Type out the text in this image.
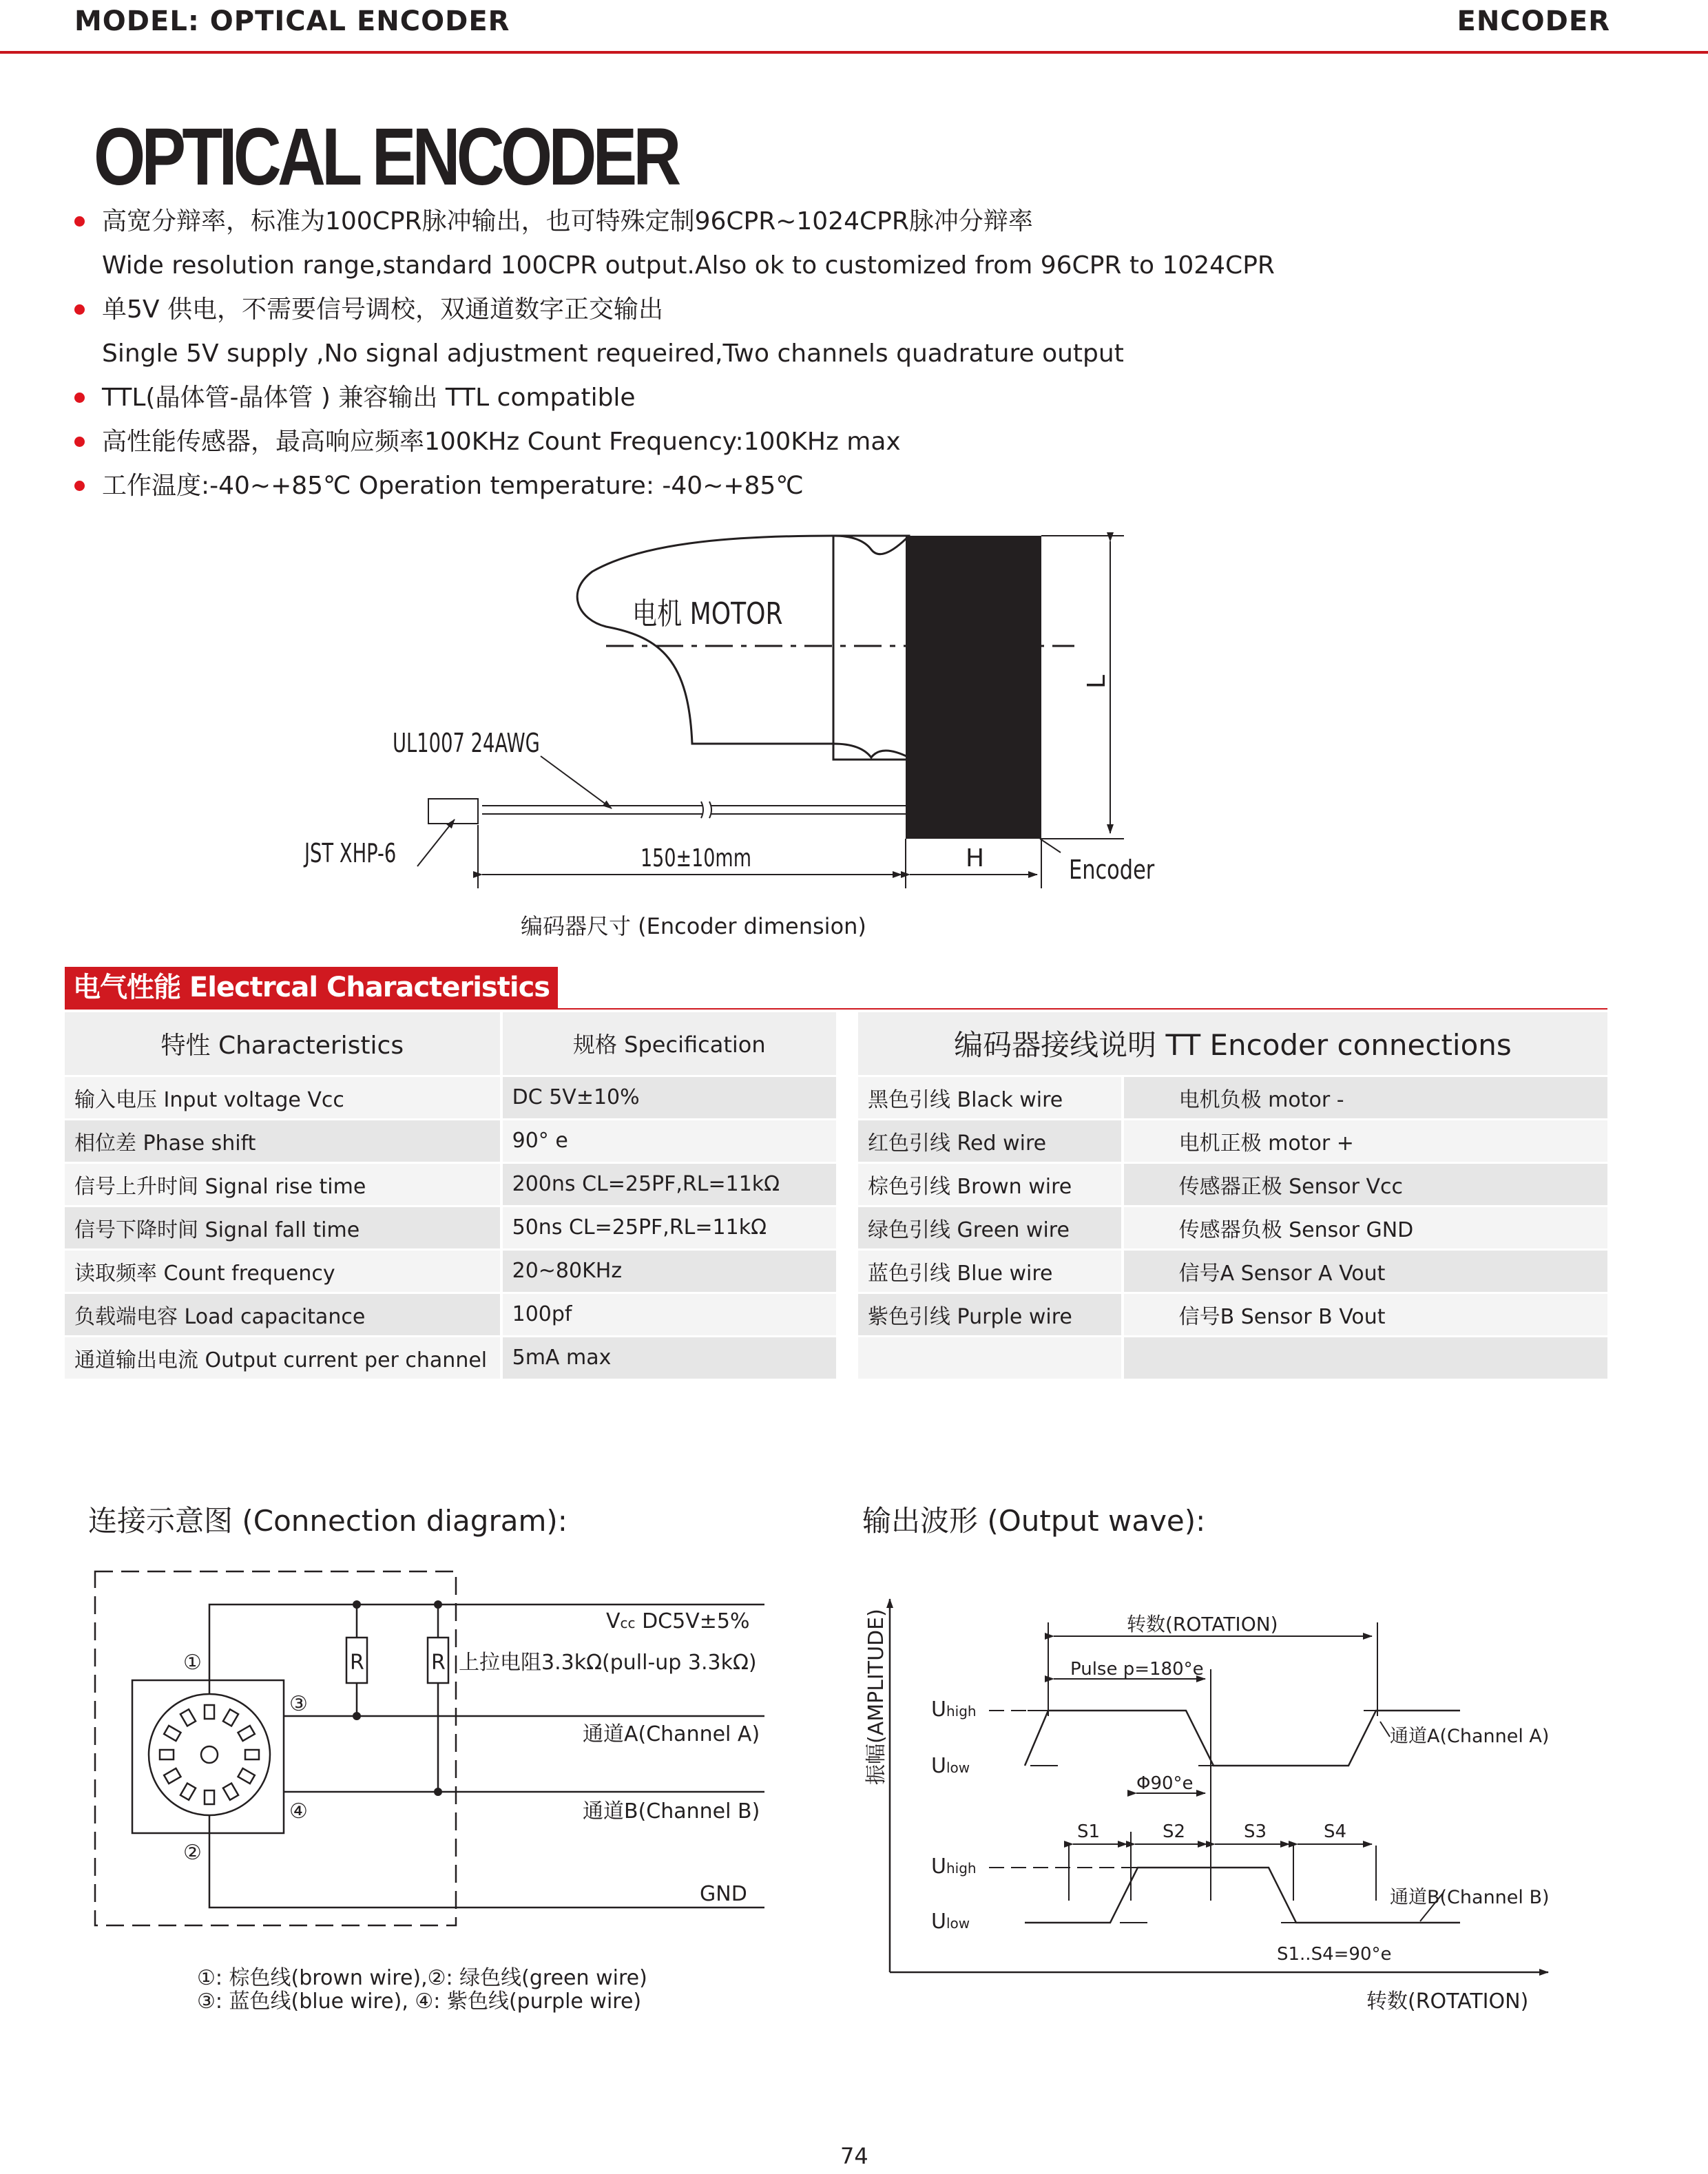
MODEL: OPTICAL ENCODER	ENCODER
OPTICAL ENCODER
高宽分辩率，标准为100CPR脉冲输出，也可特殊定制96CPR~1024CPR脉冲分辩率
Wide resolution range,standard 100CPR output.Also ok to customized from 96CPR to 1024CPR
单5V 供电，不需要信号调校，双通道数字正交输出
Single 5V supply ,No signal adjustment requeired,Two channels quadrature output
TTL(晶体管-晶体管 ) 兼容输出 TTL compatible
高性能传感器，最高响应频率100KHz Count Frequency:100KHz max
工作温度:-40~+85℃ Operation temperature: -40~+85℃
电机 MOTOR
UL1007 24AWG
JST XHP-6	150±10mm	H
L
Encoder
编码器尺寸 (Encoder dimension)
R	R
①
②
③
④
Vcc DC5V±5%
上拉电阻3.3kΩ(pull-up 3.3kΩ)
通道A(Channel A)
通道B(Channel B)
GND
①: 棕色线(brown wire),②: 绿色线(green wire)
③: 蓝色线(blue wire), ④: 紫色线(purple wire)
振幅(AMPLITUDE)
转数(ROTATION)
转数(ROTATION)
Pulse p=180°e
Φ90°e
S1	S2	S3	S4
Uhigh
Ulow
Uhigh
Ulow
通道A(Channel A)
通道B(Channel B)
S1..S4=90°e
电气性能 Electrcal Characteristics
特性 Characteristics	规格 Specification
输入电压 Input voltage Vcc	DC 5V±10%
相位差 Phase shift	90° e
信号上升时间 Signal rise time	200ns CL=25PF,RL=11kΩ
信号下降时间 Signal fall time	50ns CL=25PF,RL=11kΩ
读取频率 Count frequency	20~80KHz
负载端电容 Load capacitance	100pf
通道输出电流 Output current per channel	5mA max
编码器接线说明 TT Encoder connections	
黑色引线 Black wire	电机负极 motor -
红色引线 Red wire	电机正极 motor +
棕色引线 Brown wire	传感器正极 Sensor Vcc
绿色引线 Green wire	传感器负极 Sensor GND
蓝色引线 Blue wire	信号A Sensor A Vout
紫色引线 Purple wire	信号B Sensor B Vout

连接示意图 (Connection diagram):	输出波形 (Output wave):
74
